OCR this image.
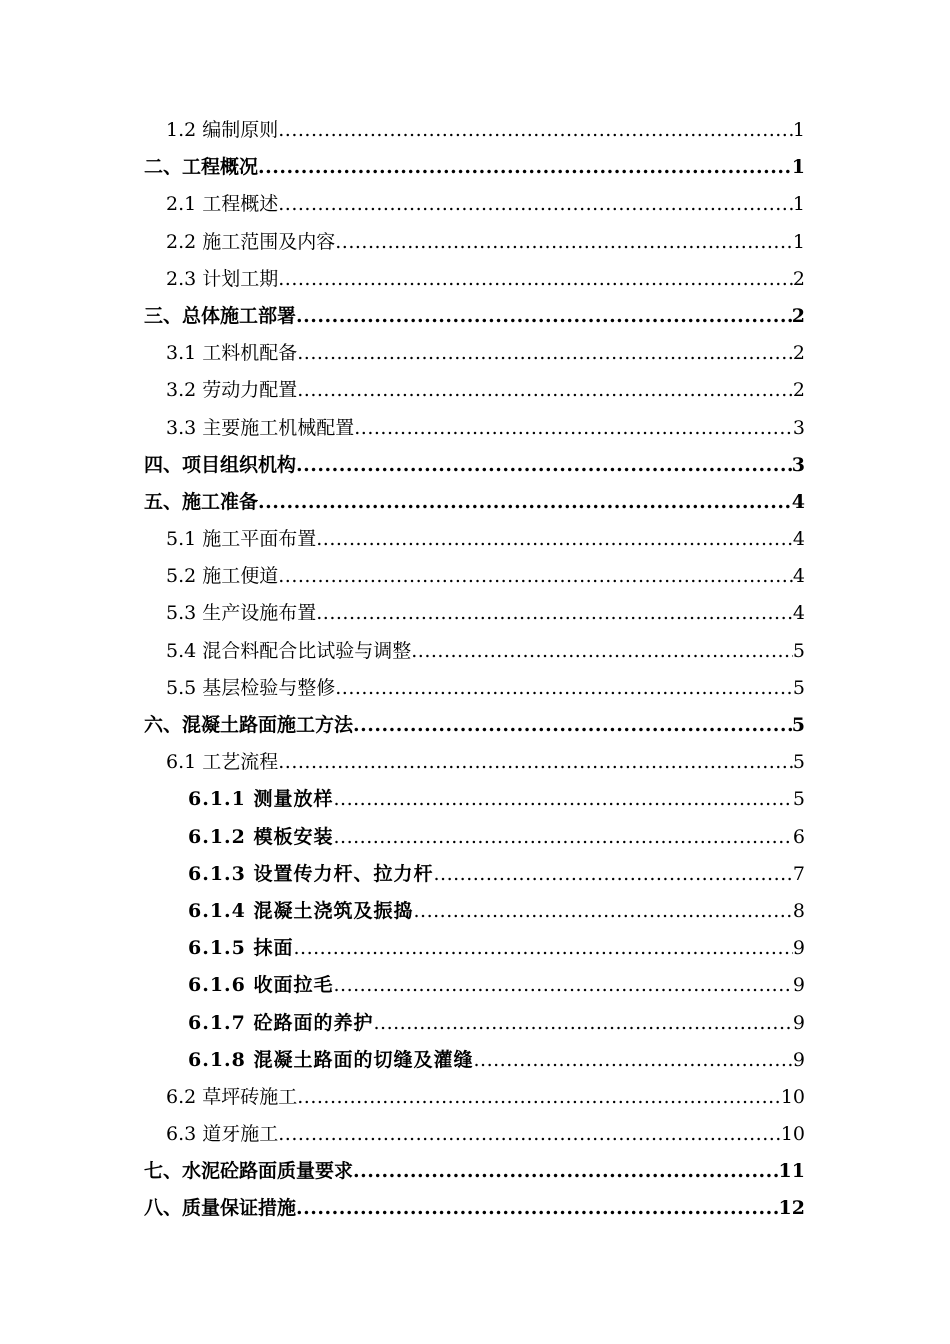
1.2 编制原则 .....	1
二、工程概况 .....	1
2.1 工程概述 .....	1
2.2 施工范围及内容 .....	1
2.3 计划工期 .....	2
三、总体施工部署 .....	2
3.1 工料机配备 .....	2
3.2 劳动力配置 .....	2
3.3 主要施工机械配置 .....	3
四、项目组织机构 .....	3
五、施工准备 .....	4
5.1 施工平面布置 .....	4
5.2 施工便道 .....	4
5.3 生产设施布置 .....	4
5.4 混合料配合比试验与调整 .....	5
5.5 基层检验与整修 .....	5
六、混凝土路面施工方法 .....	5
6.1 工艺流程 .....	5
6.1.1 测量放样 .....	5
6.1.2 模板安装 .....	6
6.1.3 设置传力杆、拉力杆 .....	7
6.1.4 混凝土浇筑及振捣 .....	8
6.1.5 抹面 .....	9
6.1.6 收面拉毛 .....	9
6.1.7 砼路面的养护 .....	9
6.1.8 混凝土路面的切缝及灌缝 .....	9
6.2 草坪砖施工 .....	10
6.3 道牙施工 .....	10
七、水泥砼路面质量要求 .....	11
八、质量保证措施 .....	12
